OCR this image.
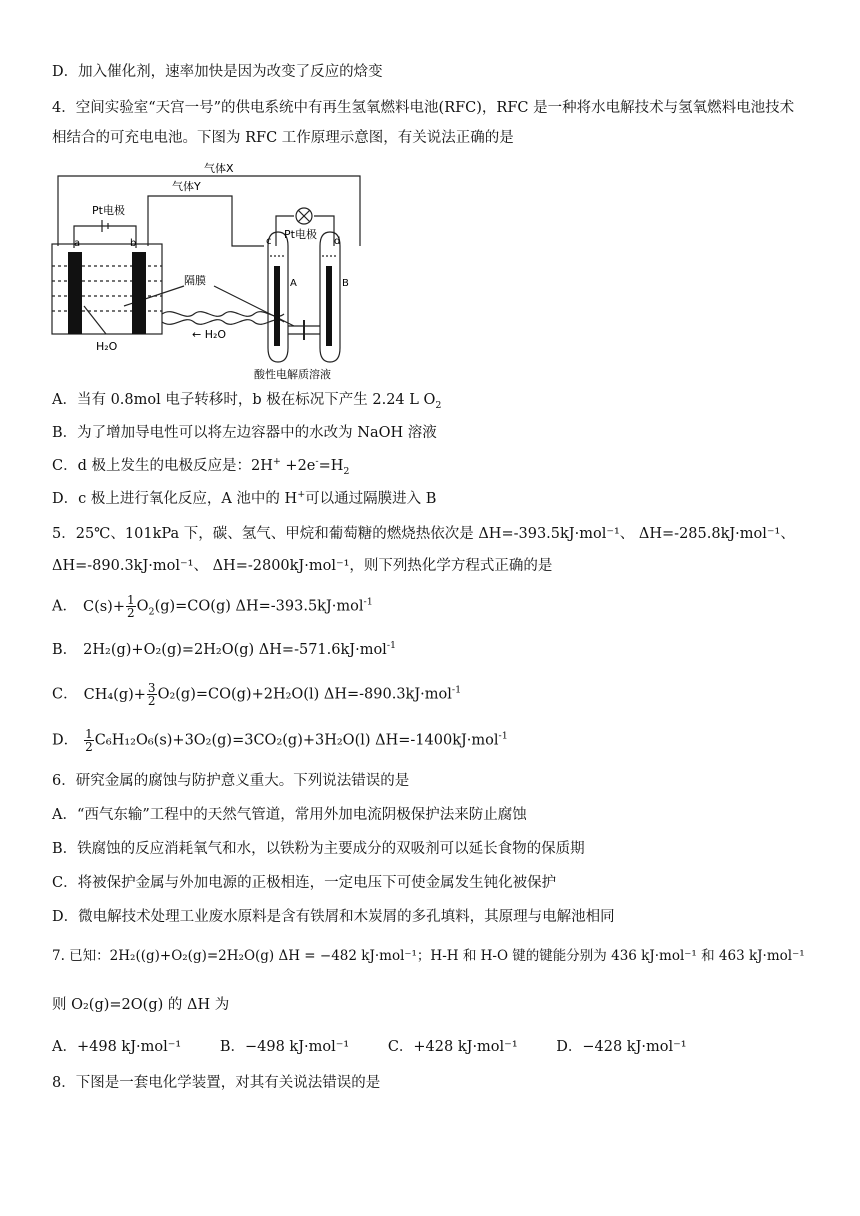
D．加入催化剂，速率加快是因为改变了反应的焓变
4．空间实验室“天宫一号”的供电系统中有再生氢氧燃料电池(RFC)，RFC 是一种将水电解技术与氢氧燃料电池技术
相结合的可充电电池。下图为 RFC 工作原理示意图，有关说法正确的是
气体X
气体Y
Pt电极
Pt电极
a	b	c	d
A	B
隔膜
H₂O
← H₂O
酸性电解质溶液
A．当有 0.8mol 电子转移时，b 极在标况下产生 2.24 L $O_2$
B．为了增加导电性可以将左边容器中的水改为 NaOH 溶液
C．d 极上发生的电极反应是：$2H^+ +2e^-=H_2$
D．c 极上进行氧化反应，A 池中的 H+可以通过隔膜进入 B
5．25℃、101kPa 下，碳、氢气、甲烷和葡萄糖的燃烧热依次是 ΔH=-393.5kJ·mol⁻¹、 ΔH=-285.8kJ·mol⁻¹、
ΔH=-890.3kJ·mol⁻¹、 ΔH=-2800kJ·mol⁻¹，则下列热化学方程式正确的是
A． $C(s)+ \frac{1}{2} O_2(g)=CO(g)$ ΔH=-393.5kJ·mol$^{-1}$
B． 2H₂(g)+O₂(g)=2H₂O(g) ΔH=-571.6kJ·mol$^{-1}$
C． $CH_4(g)+ \frac{3}{2} O_2(g)=CO(g)+2H_2O(l)$ ΔH=-890.3kJ·mol$^{-1}$
D． $\frac{1}{2} C_6H_{12}O_6(s)+3O_2(g)=3CO_2(g)+3H_2O(l)$ ΔH=-1400kJ·mol$^{-1}$
6．研究金属的腐蚀与防护意义重大。下列说法错误的是
A．“西气东输”工程中的天然气管道，常用外加电流阴极保护法来防止腐蚀
B．铁腐蚀的反应消耗氧气和水，以铁粉为主要成分的双吸剂可以延长食物的保质期
C．将被保护金属与外加电源的正极相连，一定电压下可使金属发生钝化被保护
D．微电解技术处理工业废水原料是含有铁屑和木炭屑的多孔填料，其原理与电解池相同
7. 已知：2H₂((g)+O₂(g)=2H₂O(g) ΔH = −482 kJ·mol⁻¹；H-H 和 H-O 键的键能分别为 436 kJ·mol⁻¹ 和 463 kJ·mol⁻¹
则 O₂(g)=2O(g) 的 ΔH 为
A．+498 kJ·mol⁻¹	B．−498 kJ·mol⁻¹	C．+428 kJ·mol⁻¹	D．−428 kJ·mol⁻¹
8．下图是一套电化学装置，对其有关说法错误的是
